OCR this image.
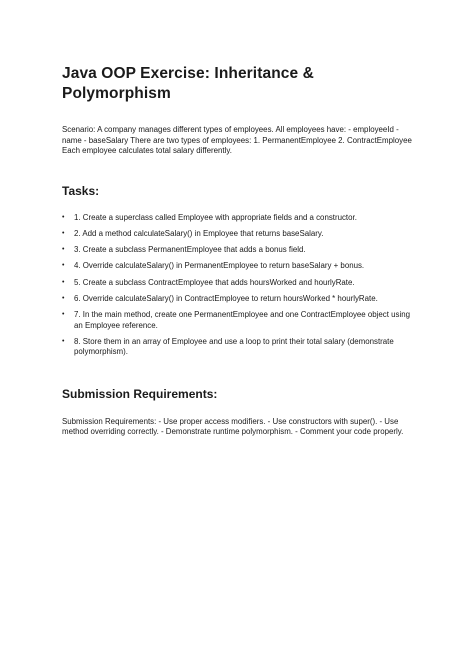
Java OOP Exercise: Inheritance & Polymorphism

Scenario: A company manages different types of employees. All employees have: - employeeId - name - baseSalary There are two types of employees: 1. PermanentEmployee 2. ContractEmployee Each employee calculates total salary differently.

Tasks:
• 1. Create a superclass called Employee with appropriate fields and a constructor.
• 2. Add a method calculateSalary() in Employee that returns baseSalary.
• 3. Create a subclass PermanentEmployee that adds a bonus field.
• 4. Override calculateSalary() in PermanentEmployee to return baseSalary + bonus.
• 5. Create a subclass ContractEmployee that adds hoursWorked and hourlyRate.
• 6. Override calculateSalary() in ContractEmployee to return hoursWorked * hourlyRate.
• 7. In the main method, create one PermanentEmployee and one ContractEmployee object using an Employee reference.
• 8. Store them in an array of Employee and use a loop to print their total salary (demonstrate polymorphism).
Submission Requirements:

Submission Requirements: - Use proper access modifiers. - Use constructors with super(). - Use method overriding correctly. - Demonstrate runtime polymorphism. - Comment your code properly.
